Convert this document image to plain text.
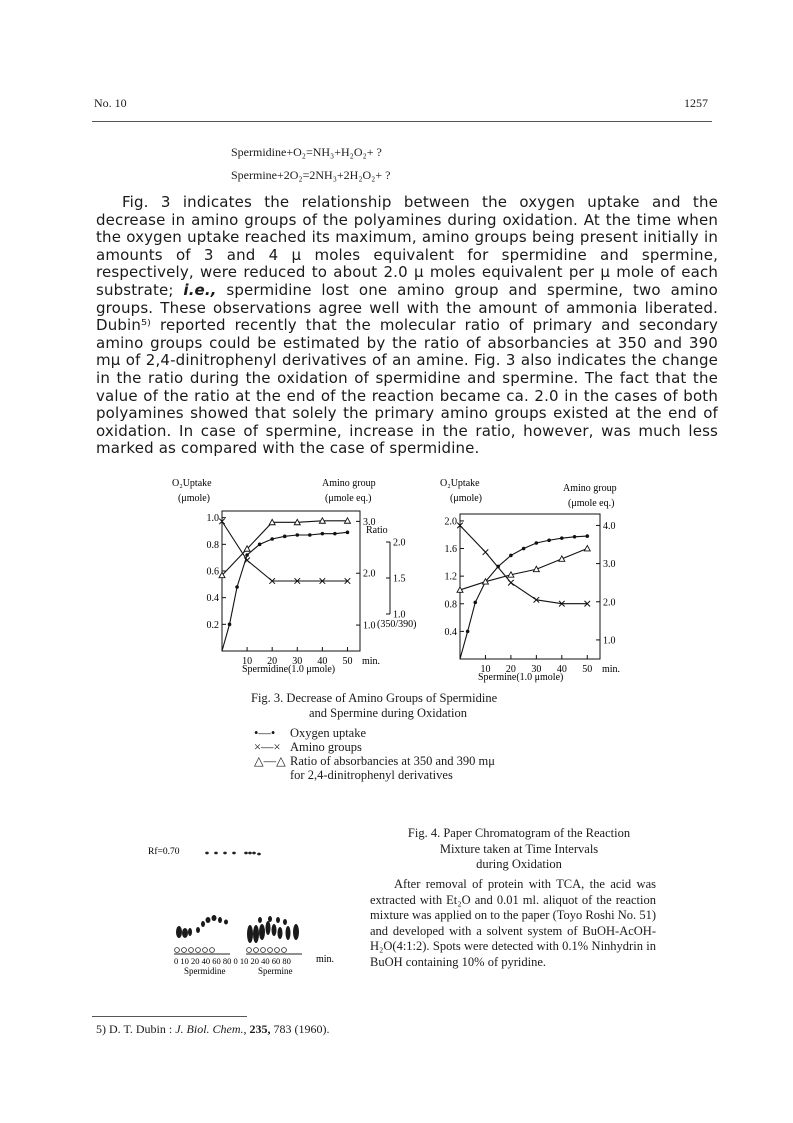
No. 10	1257
Spermidine+O₂=NH₃+H₂O₂+ ?
Spermine+2O₂=2NH₃+2H₂O₂+ ?

Fig. 3 indicates the relationship between the oxygen uptake and the decrease in amino groups of the polyamines during oxidation. At the time when the oxygen uptake reached its maximum, amino groups being present initially in amounts of 3 and 4 μ moles equivalent for spermidine and spermine, respectively, were reduced to about 2.0 μ moles equivalent per μ mole of each substrate; i.e., spermidine lost one amino group and spermine, two amino groups. These observations agree well with the amount of ammonia liberated. Dubin⁵⁾ reported recently that the molecular ratio of primary and secondary amino groups could be estimated by the ratio of absorbancies at 350 and 390 mμ of 2,4-dinitrophenyl derivatives of an amine. Fig. 3 also indicates the change in the ratio during the oxidation of spermidine and spermine. The fact that the value of the ratio at the end of the reaction became ca. 2.0 in the cases of both polyamines showed that solely the primary amino groups existed at the end of oxidation. In case of spermine, increase in the ratio, however, was much less marked as compared with the case of spermidine.

O₂Uptake
(μmole)
Amino group
(μmole eq.)
Ratio
(350/390)
1.0
1.5
2.0
10 20 30 40 50 min.
0.2
0.4
0.6
0.8
1.0
1.0
2.0
3.0
Spermidine(1.0 μmole)
O₂Uptake
(μmole)
Amino group
(μmole eq.)
10 20 30 40 50 min.
0.4
0.8
1.2
1.6
2.0
1.0
2.0
3.0
4.0
Spermine(1.0 μmole)
Fig. 3. Decrease of Amino Groups of Spermidine
and Spermine during Oxidation
•—•	Oxygen uptake
×—× Amino groups
△—△ Ratio of absorbancies at 350 and 390 mμ
for 2,4-dinitrophenyl derivatives
Rf=0.70
0 10 20 40 60 80 0 10 20 40 60 80	min.
Spermidine	Spermine
Fig. 4. Paper Chromatogram of the Reaction
Mixture taken at Time Intervals
during Oxidation

After removal of protein with TCA, the acid was extracted with Et₂O and 0.01 ml. aliquot of the reaction mixture was applied on to the paper (Toyo Roshi No. 51) and developed with a solvent system of BuOH-AcOH-H₂O(4:1:2). Spots were detected with 0.1% Ninhydrin in BuOH containing 10% of pyridine.

5) D. T. Dubin : J. Biol. Chem., 235, 783 (1960).
